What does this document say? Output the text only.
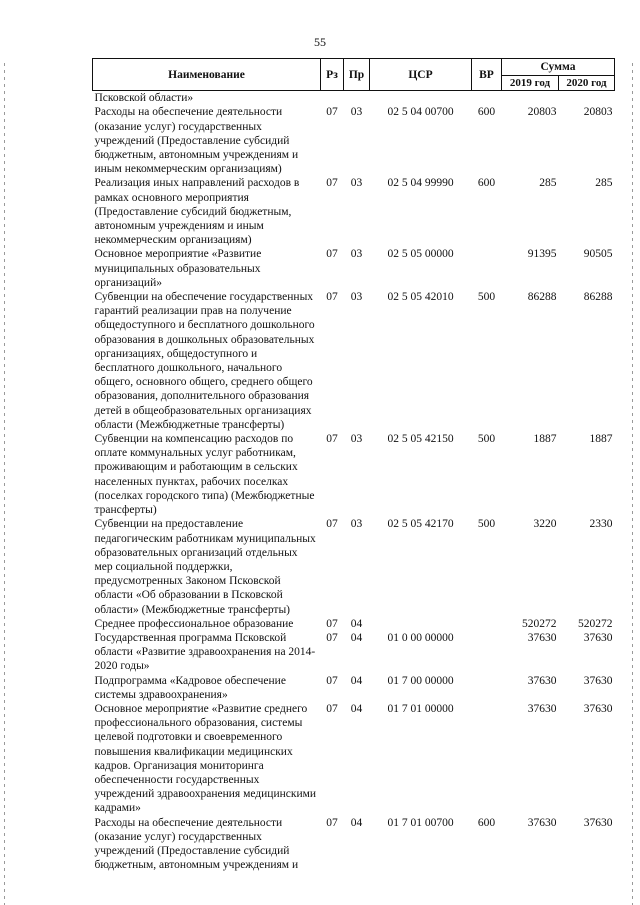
55
Наименование	Рз	Пр	ЦСР	ВР	Сумма	
					2019 год	2020 год
Псковской области»						
Расходы на обеспечение деятельности (оказание услуг) государственных учреждений (Предоставление субсидий бюджетным, автономным учреждениям и иным некоммерческим организациям)	07	03	02 5 04 00700	600	20803	20803
Реализация иных направлений расходов в рамках основного мероприятия (Предоставление субсидий бюджетным, автономным учреждениям и иным некоммерческим организациям)	07	03	02 5 04 99990	600	285	285
Основное мероприятие «Развитие муниципальных образовательных организаций»	07	03	02 5 05 00000		91395	90505
Субвенции на обеспечение государственных гарантий реализации прав на получение общедоступного и бесплатного дошкольного образования в дошкольных образовательных организациях, общедоступного и бесплатного дошкольного, начального общего, основного общего, среднего общего образования, дополнительного образования детей в общеобразовательных организациях области (Межбюджетные трансферты)	07	03	02 5 05 42010	500	86288	86288
Субвенции на компенсацию расходов по оплате коммунальных услуг работникам, проживающим и работающим в сельских населенных пунктах, рабочих поселках (поселках городского типа) (Межбюджетные трансферты)	07	03	02 5 05 42150	500	1887	1887
Субвенции на предоставление педагогическим работникам муниципальных образовательных организаций отдельных мер социальной поддержки, предусмотренных Законом Псковской области «Об образовании в Псковской области» (Межбюджетные трансферты)	07	03	02 5 05 42170	500	3220	2330
Среднее профессиональное образование	07	04			520272	520272
Государственная программа Псковской области «Развитие здравоохранения на 2014-2020 годы»	07	04	01 0 00 00000		37630	37630
Подпрограмма «Кадровое обеспечение системы здравоохранения»	07	04	01 7 00 00000		37630	37630
Основное мероприятие «Развитие среднего профессионального образования, системы целевой подготовки и своевременного повышения квалификации медицинских кадров. Организация мониторинга обеспеченности государственных учреждений здравоохранения медицинскими кадрами»	07	04	01 7 01 00000		37630	37630
Расходы на обеспечение деятельности (оказание услуг) государственных учреждений (Предоставление субсидий бюджетным, автономным учреждениям и	07	04	01 7 01 00700	600	37630	37630
